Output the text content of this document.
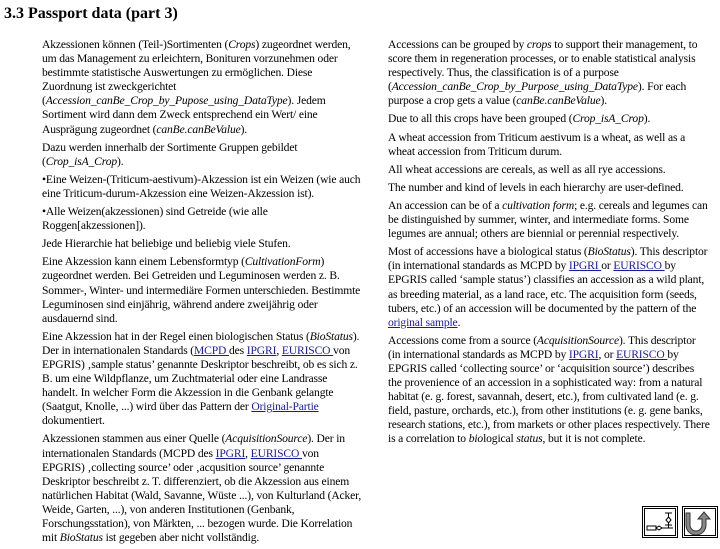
3.3 Passport data (part 3)

Akzessionen können (Teil-)Sortimenten (Crops) zugeordnet werden, um das Management zu erleichtern, Bonituren vorzunehmen oder bestimmte statistische Auswertungen zu ermöglichen. Diese Zuordnung ist zweckgerichtet (Accession_canBe_Crop_by_Pupose_using_DataType). Jedem Sortiment wird dann dem Zweck entsprechend ein Wert/ eine Ausprägung zugeordnet (canBe.canBeValue).

Dazu werden innerhalb der Sortimente Gruppen gebildet (Crop_isA_Crop).

•Eine Weizen-(Triticum-aestivum)-Akzession ist ein Weizen (wie auch eine Triticum-durum-Akzession eine Weizen-Akzession ist).

•Alle Weizen(akzessionen) sind Getreide (wie alle Roggen[akzessionen]).

Jede Hierarchie hat beliebige und beliebig viele Stufen.

Eine Akzession kann einem Lebensformtyp (CultivationForm) zugeordnet werden. Bei Getreiden und Leguminosen werden z. B. Sommer-, Winter- und intermediäre Formen unterschieden. Bestimmte Leguminosen sind einjährig, während andere zweijährig oder ausdauernd sind.

Eine Akzession hat in der Regel einen biologischen Status (BioStatus). Der in internationalen Standards (MCPD des IPGRI, EURISCO von EPGRIS) ‚sample status’ genannte Deskriptor beschreibt, ob es sich z. B. um eine Wildpflanze, um Zuchtmaterial oder eine Landrasse handelt. In welcher Form die Akzession in die Genbank gelangte (Saatgut, Knolle, ...) wird über das Pattern der Original-Partie dokumentiert.

Akzessionen stammen aus einer Quelle (AcquisitionSource). Der in internationalen Standards (MCPD des IPGRI, EURISCO von EPGRIS) ‚collecting source’ oder ‚acqusition source’ genannte Deskriptor beschreibt z. T. differenziert, ob die Akzession aus einem natürlichen Habitat (Wald, Savanne, Wüste ...), von Kulturland (Acker, Weide, Garten, ...), von anderen Institutionen (Genbank, Forschungsstation), von Märkten, ... bezogen wurde. Die Korrelation mit BioStatus ist gegeben aber nicht vollständig.

Accessions can be grouped by crops to support their management, to score them in regeneration processes, or to enable statistical analysis respectively. Thus, the classification is of a purpose (Accession_canBe_Crop_by_Purpose_using_DataType). For each purpose a crop gets a value (canBe.canBeValue).

Due to all this crops have been grouped (Crop_isA_Crop).

A wheat accession from Triticum aestivum is a wheat, as well as a wheat accession from Triticum durum.

All wheat accessions are cereals, as well as all rye accessions.

The number and kind of levels in each hierarchy are user-defined.

An accession can be of a cultivation form; e.g. cereals and legumes can be distinguished by summer, winter, and intermediate forms. Some legumes are annual; others are biennial or perennial respectively.

Most of accessions have a biological status (BioStatus). This descriptor (in international standards as MCPD by IPGRI or EURISCO by EPGRIS called ‘sample status’) classifies an accession as a wild plant, as breeding material, as a land race, etc. The acquisition form (seeds, tubers, etc.) of an accession will be documented by the pattern of the original sample.

Accessions come from a source (AcquisitionSource). This descriptor (in international standards as MCPD by IPGRI, or EURISCO by EPGRIS called ‘collecting source’ or ‘acquisition source’) describes the provenience of an accession in a sophisticated way: from a natural habitat (e. g. forest, savannah, desert, etc.), from cultivated land (e. g. field, pasture, orchards, etc.), from other institutions (e. g. gene banks, research stations, etc.), from markets or other places respectively. There is a correlation to biological status, but it is not complete.
